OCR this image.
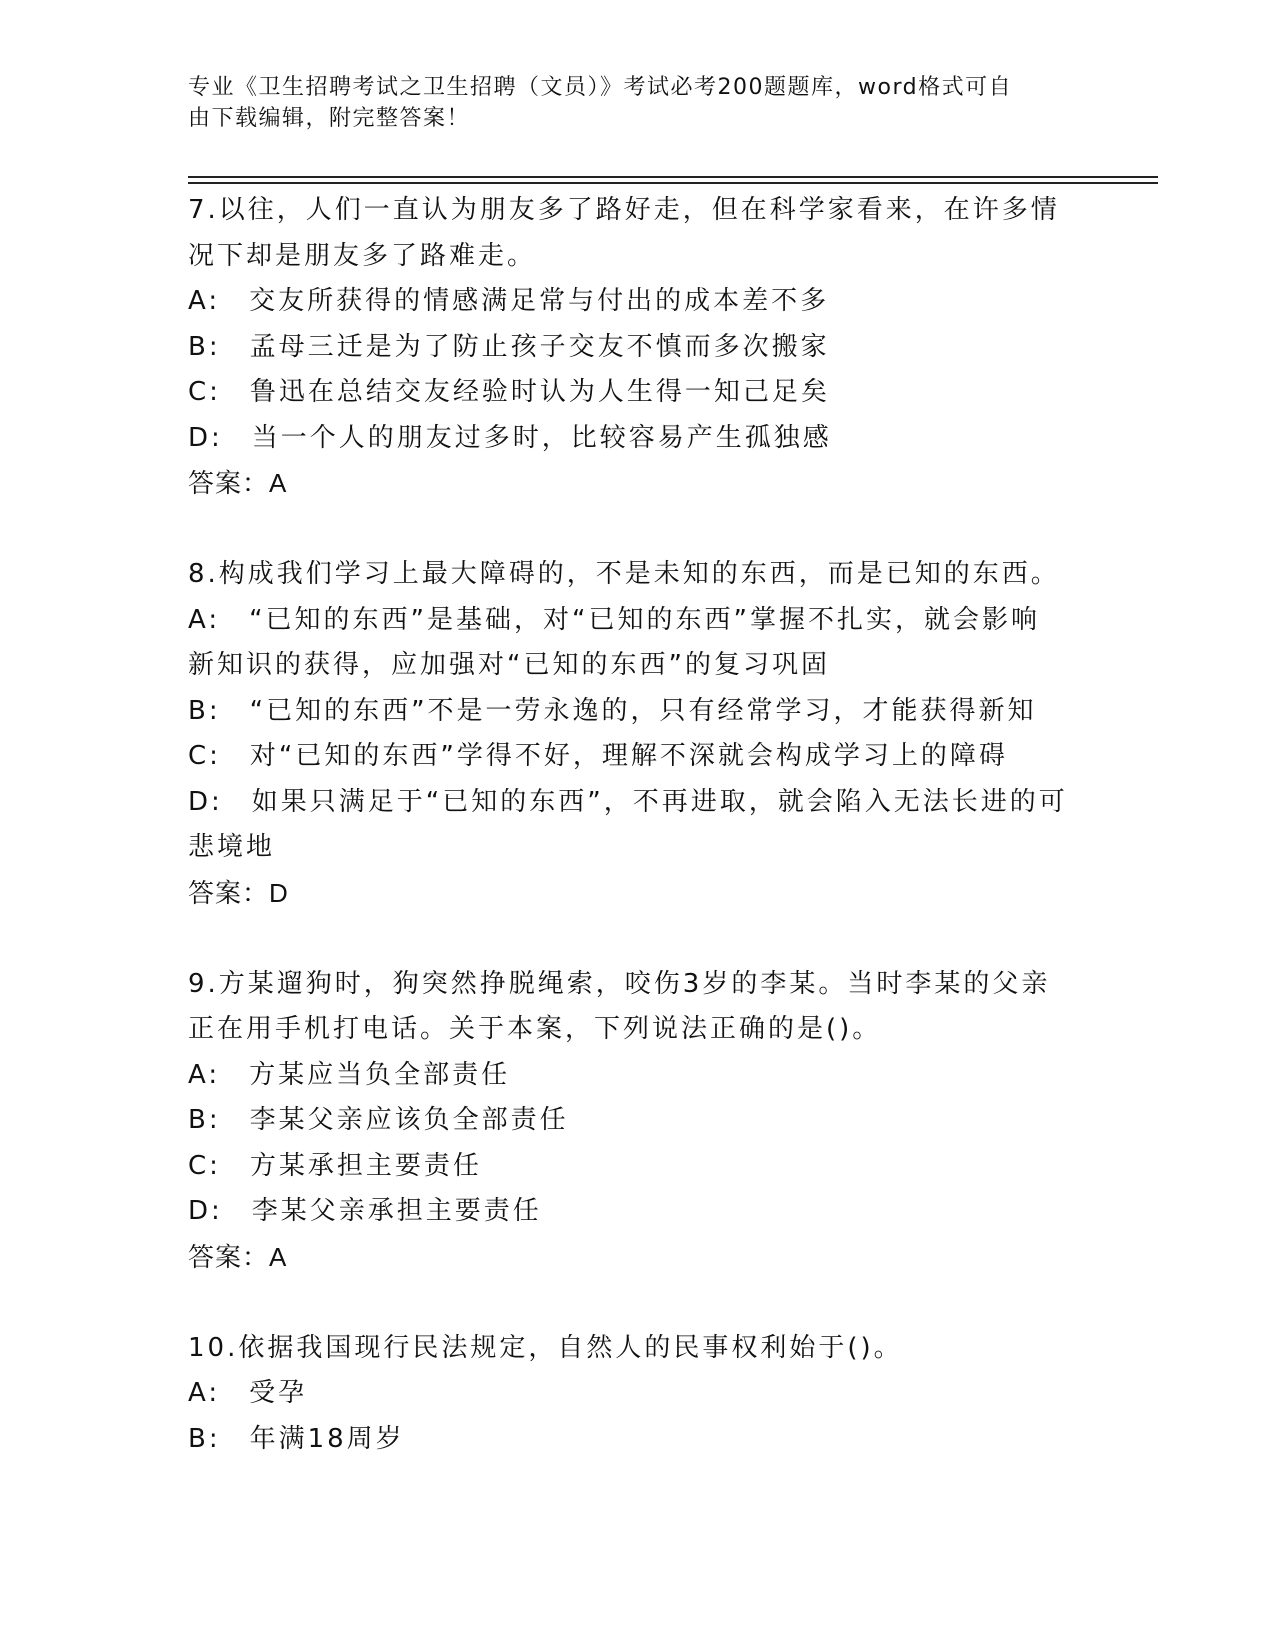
专业《卫生招聘考试之卫生招聘（文员）》考试必考200题题库，word格式可自
由下载编辑，附完整答案！
7.以往，人们一直认为朋友多了路好走，但在科学家看来，在许多情
况下却是朋友多了路难走。
A:　交友所获得的情感满足常与付出的成本差不多
B:　孟母三迁是为了防止孩子交友不慎而多次搬家
C:　鲁迅在总结交友经验时认为人生得一知己足矣
D:　当一个人的朋友过多时，比较容易产生孤独感
答案：A
8.构成我们学习上最大障碍的，不是未知的东西，而是已知的东西。
A:　“已知的东西”是基础，对“已知的东西”掌握不扎实，就会影响
新知识的获得，应加强对“已知的东西”的复习巩固
B:　“已知的东西”不是一劳永逸的，只有经常学习，才能获得新知
C:　对“已知的东西”学得不好，理解不深就会构成学习上的障碍
D:　如果只满足于“已知的东西”，不再进取，就会陷入无法长进的可
悲境地
答案：D
9.方某遛狗时，狗突然挣脱绳索，咬伤3岁的李某。当时李某的父亲
正在用手机打电话。关于本案，下列说法正确的是()。
A:　方某应当负全部责任
B:　李某父亲应该负全部责任
C:　方某承担主要责任
D:　李某父亲承担主要责任
答案：A
10.依据我国现行民法规定，自然人的民事权利始于()。
A:　受孕
B:　年满18周岁
